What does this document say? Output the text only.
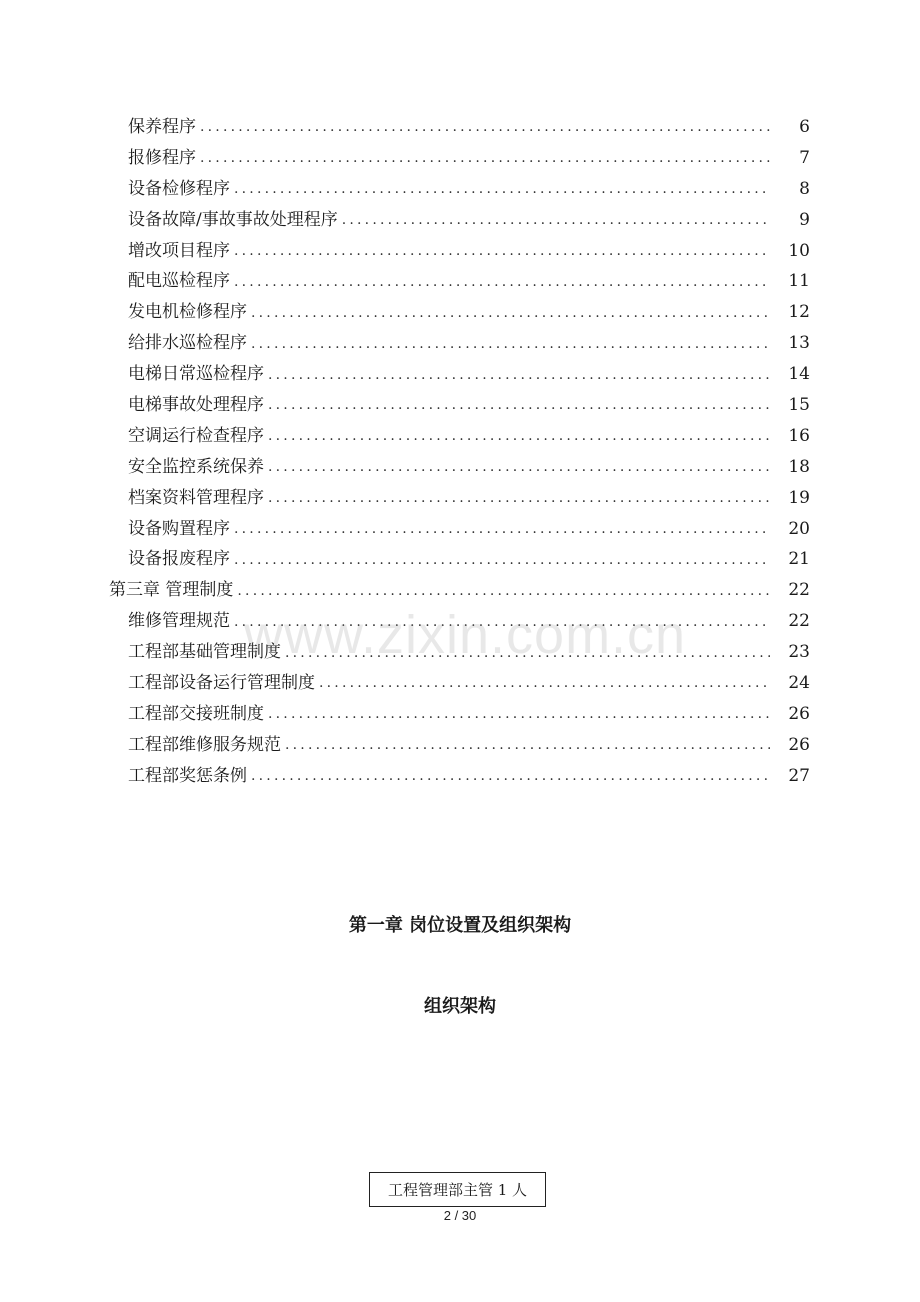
保养程序 .....	6
报修程序 .....	7
设备检修程序 .....	8
设备故障/事故事故处理程序 .....	9
增改项目程序 .....	10
配电巡检程序 .....	11
发电机检修程序 .....	12
给排水巡检程序 .....	13
电梯日常巡检程序 .....	14
电梯事故处理程序 .....	15
空调运行检查程序 .....	16
安全监控系统保养 .....	18
档案资料管理程序 .....	19
设备购置程序 .....	20
设备报废程序 .....	21
第三章 管理制度 .....	22
维修管理规范 .....	22
工程部基础管理制度 .....	23
工程部设备运行管理制度 .....	24
工程部交接班制度 .....	26
工程部维修服务规范 .....	26
工程部奖惩条例 .....	27
www.zixin.com.cn
第一章 岗位设置及组织架构
组织架构
工程管理部主管 1 人
2 / 30
